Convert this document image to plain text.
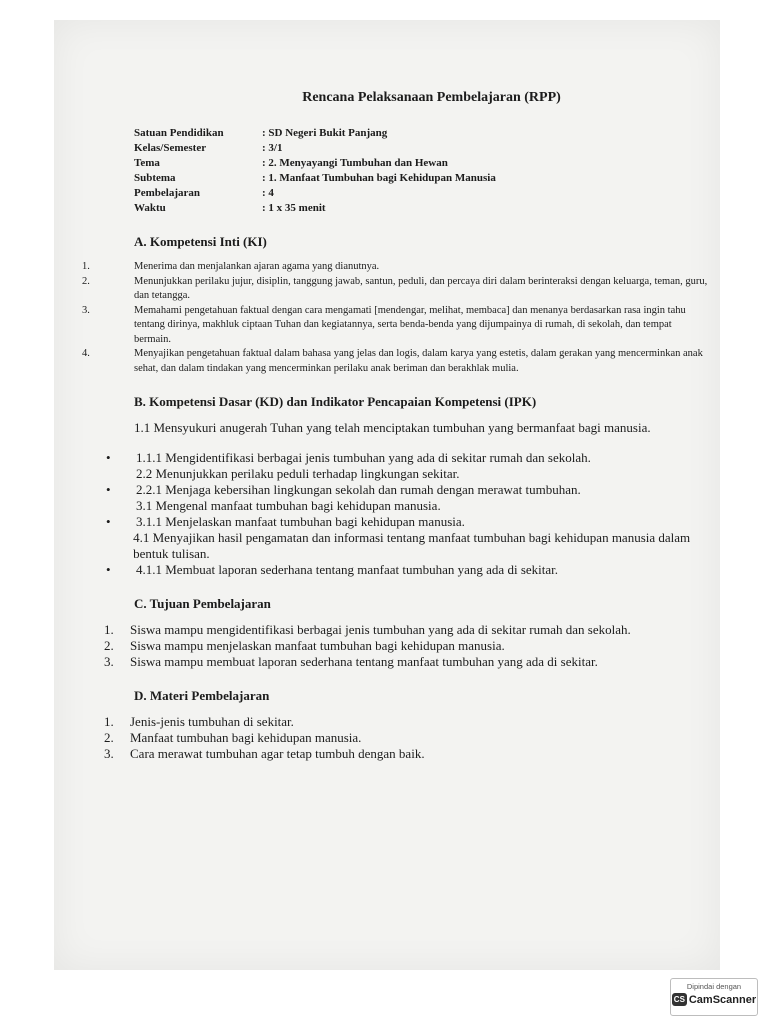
Rencana Pelaksanaan Pembelajaran (RPP)
Satuan Pendidikan	: SD Negeri Bukit Panjang
Kelas/Semester	: 3/1
Tema	: 2. Menyayangi Tumbuhan dan Hewan
Subtema	: 1. Manfaat Tumbuhan bagi Kehidupan Manusia
Pembelajaran	: 4
Waktu	: 1 x 35 menit
A. Kompetensi Inti (KI)
1.	Menerima dan menjalankan ajaran agama yang dianutnya.
2.	Menunjukkan perilaku jujur, disiplin, tanggung jawab, santun, peduli, dan percaya diri dalam berinteraksi dengan keluarga, teman, guru, dan tetangga.
3.	Memahami pengetahuan faktual dengan cara mengamati [mendengar, melihat, membaca] dan menanya berdasarkan rasa ingin tahu tentang dirinya, makhluk ciptaan Tuhan dan kegiatannya, serta benda-benda yang dijumpainya di rumah, di sekolah, dan tempat bermain.
4.	Menyajikan pengetahuan faktual dalam bahasa yang jelas dan logis, dalam karya yang estetis, dalam gerakan yang mencerminkan anak sehat, dan dalam tindakan yang mencerminkan perilaku anak beriman dan berakhlak mulia.
B. Kompetensi Dasar (KD) dan Indikator Pencapaian Kompetensi (IPK)

1.1 Mensyukuri anugerah Tuhan yang telah menciptakan tumbuhan yang bermanfaat bagi manusia.

•	1.1.1 Mengidentifikasi berbagai jenis tumbuhan yang ada di sekitar rumah dan sekolah.
2.2 Menunjukkan perilaku peduli terhadap lingkungan sekitar.
•	2.2.1 Menjaga kebersihan lingkungan sekolah dan rumah dengan merawat tumbuhan.
3.1 Mengenal manfaat tumbuhan bagi kehidupan manusia.
•	3.1.1 Menjelaskan manfaat tumbuhan bagi kehidupan manusia.
4.1 Menyajikan hasil pengamatan dan informasi tentang manfaat tumbuhan bagi kehidupan manusia dalam bentuk tulisan.
•	4.1.1 Membuat laporan sederhana tentang manfaat tumbuhan yang ada di sekitar.
C. Tujuan Pembelajaran
1.	Siswa mampu mengidentifikasi berbagai jenis tumbuhan yang ada di sekitar rumah dan sekolah.
2.	Siswa mampu menjelaskan manfaat tumbuhan bagi kehidupan manusia.
3.	Siswa mampu membuat laporan sederhana tentang manfaat tumbuhan yang ada di sekitar.
D. Materi Pembelajaran
1.	Jenis-jenis tumbuhan di sekitar.
2.	Manfaat tumbuhan bagi kehidupan manusia.
3.	Cara merawat tumbuhan agar tetap tumbuh dengan baik.
Dipindai dengan
CS CamScanner
